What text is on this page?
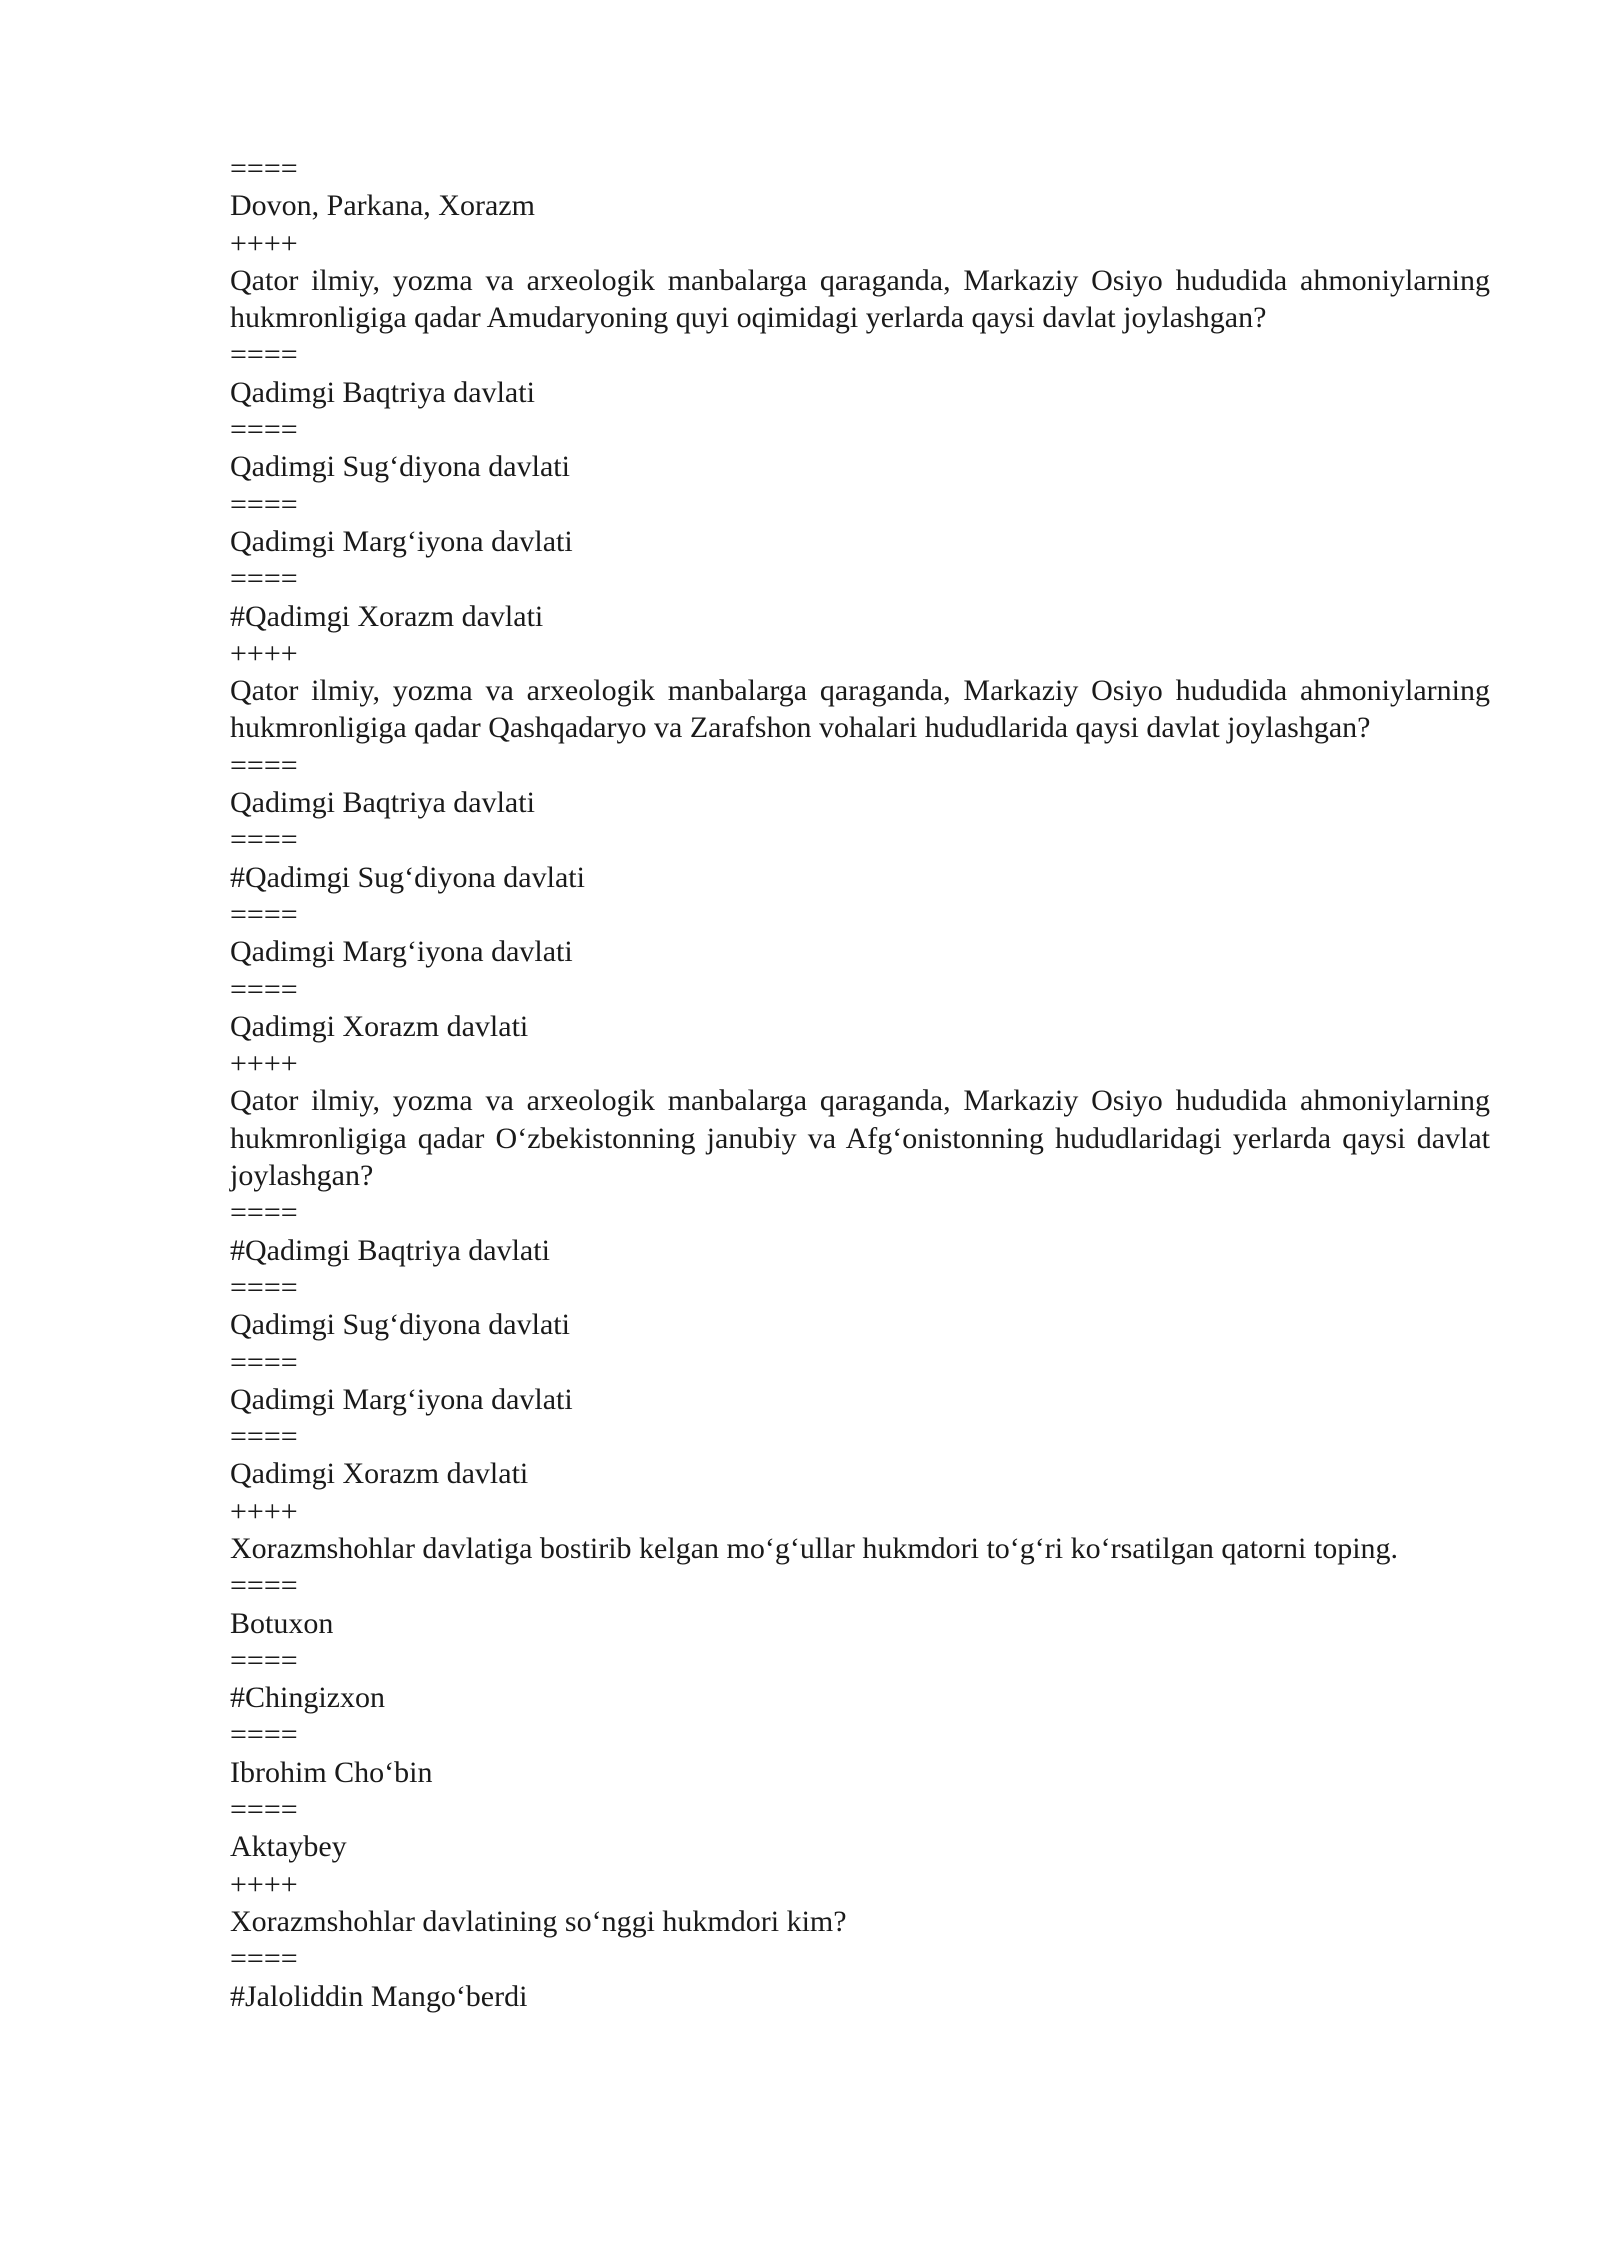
====
Dovon, Parkana, Xorazm
++++
Qator ilmiy, yozma va arxeologik manbalarga qaraganda, Markaziy Osiyo hududida ahmoniylarning hukmronligiga qadar Amudaryoning quyi oqimidagi yerlarda qaysi davlat joylashgan?
====
Qadimgi Baqtriya davlati
====
Qadimgi Sug‘diyona davlati
====
Qadimgi Marg‘iyona davlati
====
#Qadimgi Xorazm davlati
++++
Qator ilmiy, yozma va arxeologik manbalarga qaraganda, Markaziy Osiyo hududida ahmoniylarning hukmronligiga qadar Qashqadaryo va Zarafshon vohalari hududlarida qaysi davlat joylashgan?
====
Qadimgi Baqtriya davlati
====
#Qadimgi Sug‘diyona davlati
====
Qadimgi Marg‘iyona davlati
====
Qadimgi Xorazm davlati
++++
Qator ilmiy, yozma va arxeologik manbalarga qaraganda, Markaziy Osiyo hududida ahmoniylarning hukmronligiga qadar O‘zbekistonning janubiy va Afg‘onistonning hududlaridagi yerlarda qaysi davlat joylashgan?
====
#Qadimgi Baqtriya davlati
====
Qadimgi Sug‘diyona davlati
====
Qadimgi Marg‘iyona davlati
====
Qadimgi Xorazm davlati
++++
Xorazmshohlar davlatiga bostirib kelgan mo‘g‘ullar hukmdori to‘g‘ri ko‘rsatilgan qatorni toping.
====
Botuxon
====
#Chingizxon
====
Ibrohim Cho‘bin
====
Aktaybey
++++
Xorazmshohlar davlatining so‘nggi hukmdori kim?
====
#Jaloliddin Mango‘berdi
